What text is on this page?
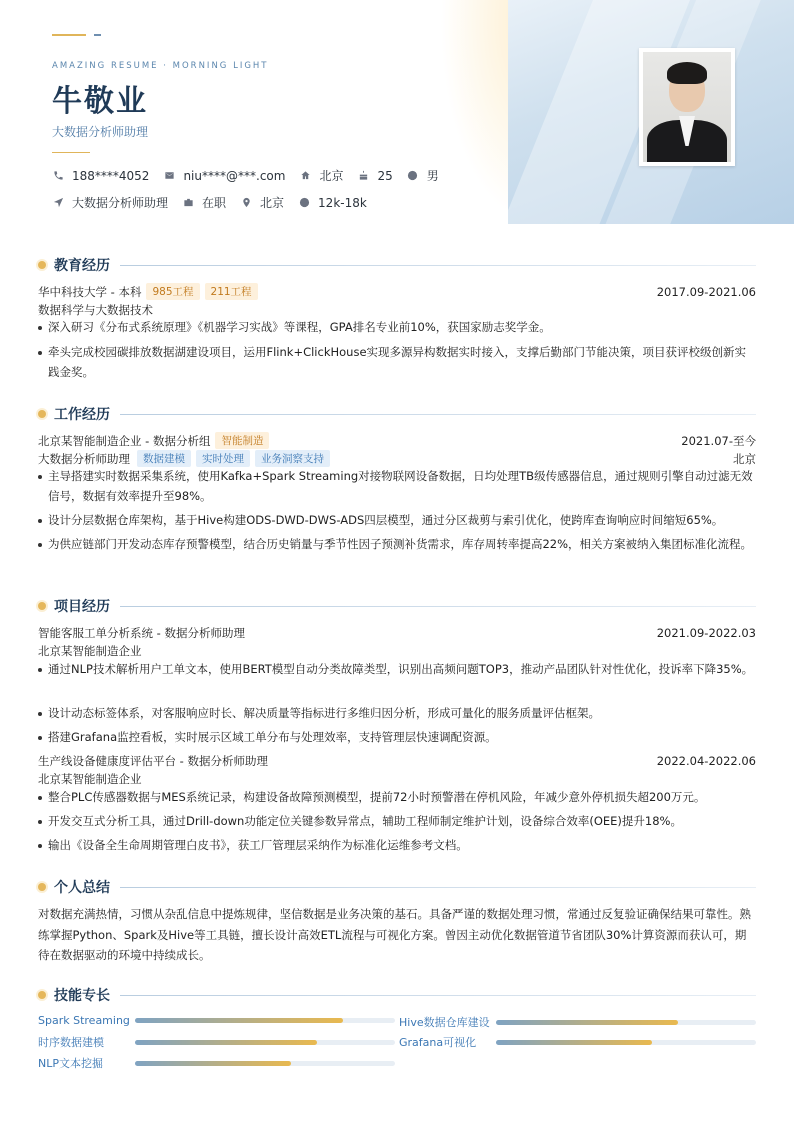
AMAZING RESUME · MORNING LIGHT
牛敬业
大数据分析师助理
188****4052	niu****@***.com	北京	25	男
大数据分析师助理	在职	北京	12k-18k
教育经历
华中科技大学 - 本科	985工程	211工程	2017.09-2021.06
数据科学与大数据技术
深入研习《分布式系统原理》《机器学习实战》等课程，GPA排名专业前10%，获国家励志奖学金。
牵头完成校园碳排放数据湖建设项目，运用Flink+ClickHouse实现多源异构数据实时接入，支撑后勤部门节能决策，项目获评校级创新实践金奖。
工作经历
北京某智能制造企业 - 数据分析组	智能制造	2021.07-至今
大数据分析师助理	数据建模	实时处理	业务洞察支持	北京
主导搭建实时数据采集系统，使用Kafka+Spark Streaming对接物联网设备数据，日均处理TB级传感器信息，通过规则引擎自动过滤无效信号，数据有效率提升至98%。
设计分层数据仓库架构，基于Hive构建ODS-DWD-DWS-ADS四层模型，通过分区裁剪与索引优化，使跨库查询响应时间缩短65%。
为供应链部门开发动态库存预警模型，结合历史销量与季节性因子预测补货需求，库存周转率提高22%，相关方案被纳入集团标准化流程。
项目经历
智能客服工单分析系统 - 数据分析师助理	2021.09-2022.03
北京某智能制造企业
通过NLP技术解析用户工单文本，使用BERT模型自动分类故障类型，识别出高频问题TOP3，推动产品团队针对性优化，投诉率下降35%。
设计动态标签体系，对客服响应时长、解决质量等指标进行多维归因分析，形成可量化的服务质量评估框架。
搭建Grafana监控看板，实时展示区域工单分布与处理效率，支持管理层快速调配资源。
生产线设备健康度评估平台 - 数据分析师助理	2022.04-2022.06
北京某智能制造企业
整合PLC传感器数据与MES系统记录，构建设备故障预测模型，提前72小时预警潜在停机风险，年减少意外停机损失超200万元。
开发交互式分析工具，通过Drill-down功能定位关键参数异常点，辅助工程师制定维护计划，设备综合效率(OEE)提升18%。
输出《设备全生命周期管理白皮书》，获工厂管理层采纳作为标准化运维参考文档。
个人总结
对数据充满热情，习惯从杂乱信息中提炼规律，坚信数据是业务决策的基石。具备严谨的数据处理习惯，常通过反复验证确保结果可靠性。熟练掌握Python、Spark及Hive等工具链，擅长设计高效ETL流程与可视化方案。曾因主动优化数据管道节省团队30%计算资源而获认可，期待在数据驱动的环境中持续成长。
技能专长
Spark Streaming	Hive数据仓库建设
时序数据建模	Grafana可视化
NLP文本挖掘
